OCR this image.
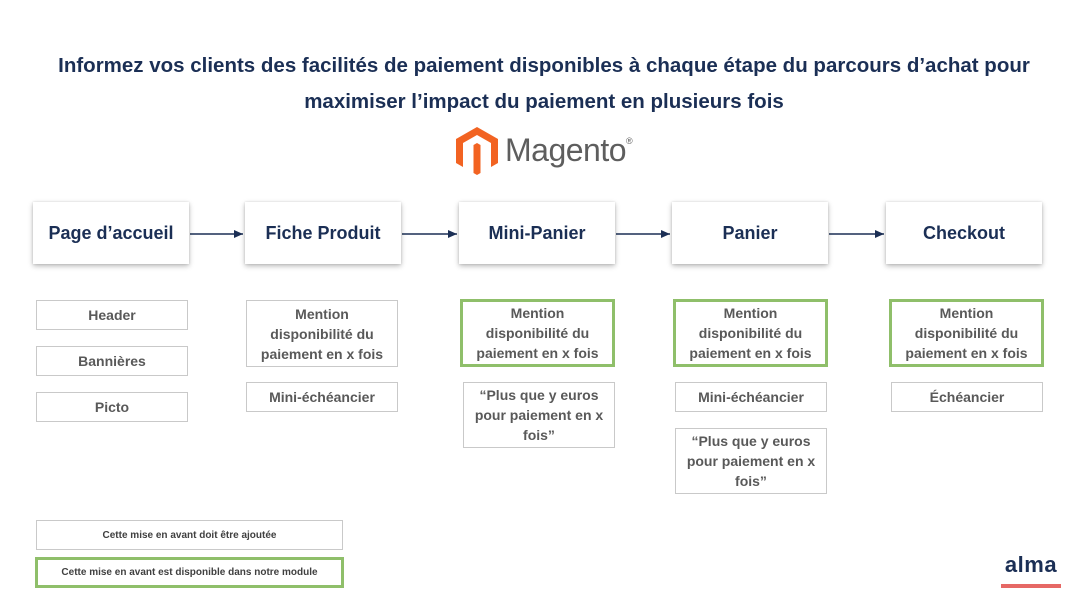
Informez vos clients des facilités de paiement disponibles à chaque étape du parcours d’achat pour
maximiser l’impact du paiement en plusieurs fois
Magento®
Page d’accueil	Fiche Produit	Mini-Panier	Panier	Checkout
Header
Bannières
Picto
Mention disponibilité du paiement en x fois
Mini-échéancier
Mention disponibilité du paiement en x fois
“Plus que y euros pour paiement en x fois”
Mention disponibilité du paiement en x fois
Mini-échéancier
“Plus que y euros pour paiement en x fois”
Mention disponibilité du paiement en x fois
Échéancier
Cette mise en avant doit être ajoutée
Cette mise en avant est disponible dans notre module	alma
